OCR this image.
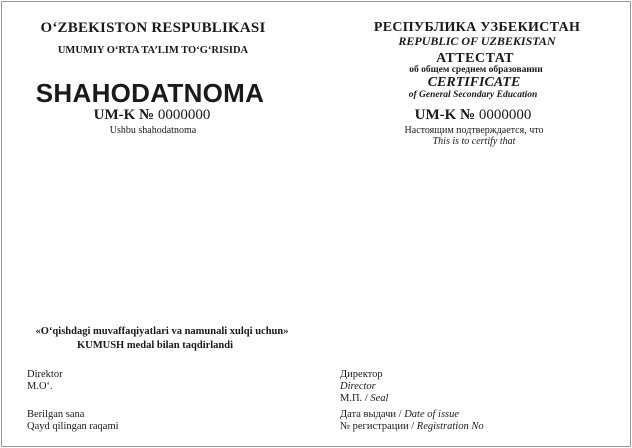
O‘ZBEKISTON RESPUBLIKASI
UMUMIY O‘RTA TA’LIM TO‘G‘RISIDA
SHAHODATNOMA
UM-K № 0000000
Ushbu shahodatnoma
«O‘qishdagi muvaffaqiyatlari va namunali xulqi uchun»
KUMUSH medal bilan taqdirlandi
Direktor
M.O‘.
Berilgan sana
Qayd qilingan raqami
РЕСПУБЛИКА УЗБЕКИСТАН
REPUBLIC OF UZBEKISTAN
АТТЕСТАТ
об общем среднем образовании
CERTIFICATE
of General Secondary Education
UM-K № 0000000
Настоящим подтверждается, что
This is to certify that
Директор
Director
М.П. / Seal
Дата выдачи / Date of issue
№ регистрации / Registration No
